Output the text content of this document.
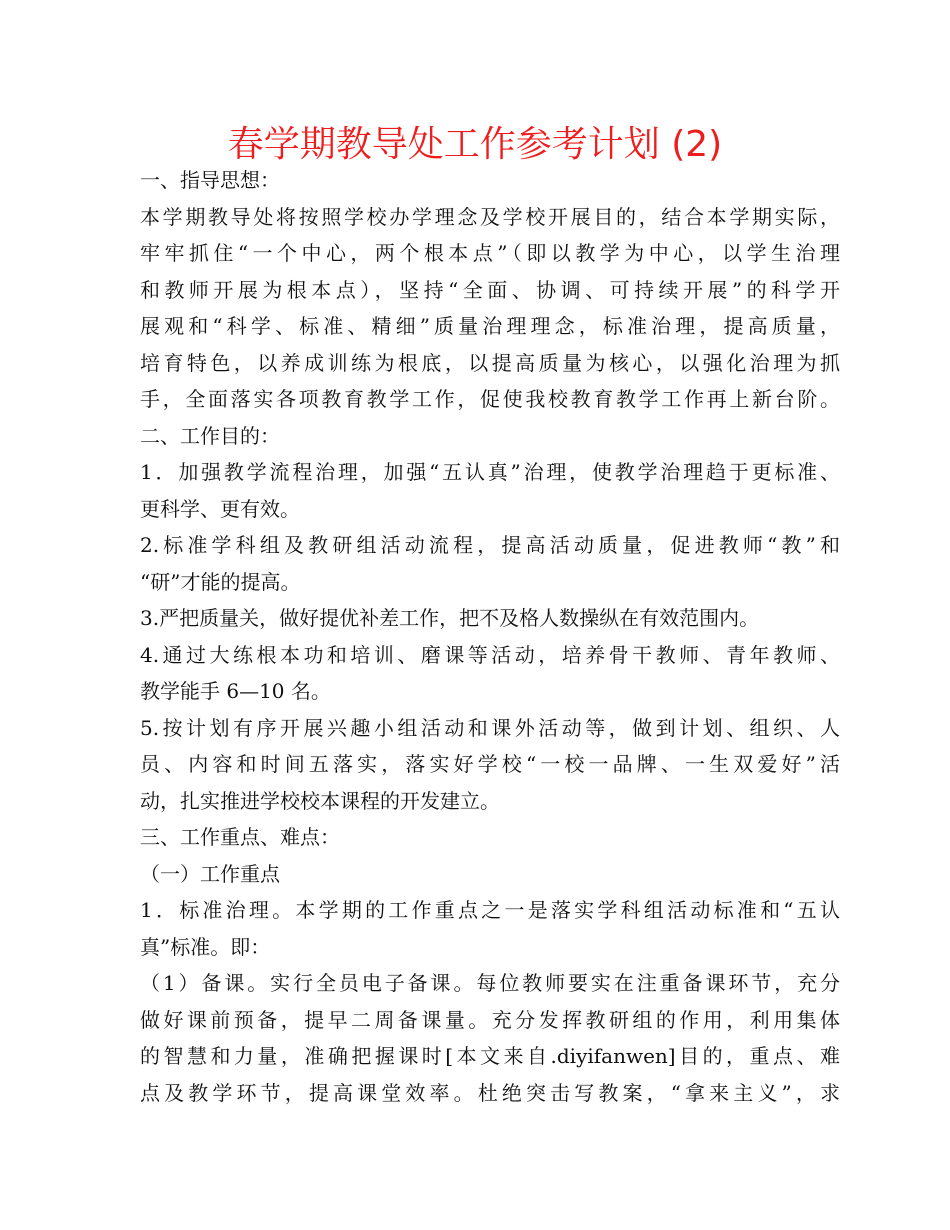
春学期教导处工作参考计划 (2)
一、指导思想：
本学期教导处将按照学校办学理念及学校开展目的，结合本学期实际，
牢牢抓住“一个中心，两个根本点”（即以教学为中心，以学生治理
和教师开展为根本点），坚持“全面、协调、可持续开展”的科学开
展观和“科学、标准、精细”质量治理理念，标准治理，提高质量，
培育特色，以养成训练为根底，以提高质量为核心，以强化治理为抓
手，全面落实各项教育教学工作，促使我校教育教学工作再上新台阶。
二、工作目的：
1．加强教学流程治理，加强“五认真”治理，使教学治理趋于更标准、
更科学、更有效。
2.标准学科组及教研组活动流程，提高活动质量，促进教师“教”和
“研”才能的提高。
3.严把质量关，做好提优补差工作，把不及格人数操纵在有效范围内。
4.通过大练根本功和培训、磨课等活动，培养骨干教师、青年教师、
教学能手 6—10 名。
5.按计划有序开展兴趣小组活动和课外活动等，做到计划、组织、人
员、内容和时间五落实，落实好学校“一校一品牌、一生双爱好”活
动，扎实推进学校校本课程的开发建立。
三、工作重点、难点：
（一）工作重点
1．标准治理。本学期的工作重点之一是落实学科组活动标准和“五认
真”标准。即：
（1）备课。实行全员电子备课。每位教师要实在注重备课环节，充分
做好课前预备，提早二周备课量。充分发挥教研组的作用，利用集体
的智慧和力量，准确把握课时[本文来自.diyifanwen]目的，重点、难
点及教学环节，提高课堂效率。杜绝突击写教案，“拿来主义”，求
